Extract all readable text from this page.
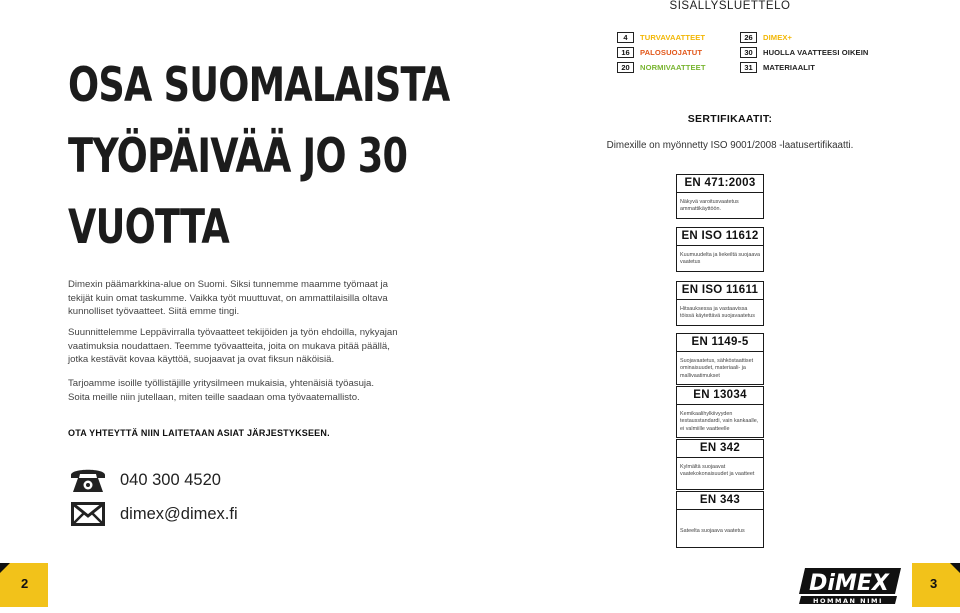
OSA SUOMALAISTA
TYÖPÄIVÄÄ JO 30
VUOTTA

Dimexin päämarkkina-alue on Suomi. Siksi tunnemme maamme työmaat ja tekijät kuin omat taskumme. Vaikka työt muuttuvat, on ammattilaisilla oltava kunnolliset työvaatteet. Siitä emme tingi.

Suunnittelemme Leppävirralla työvaatteet tekijöiden ja työn ehdoilla, nykyajan vaatimuksia noudattaen. Teemme työvaatteita, joita on mukava pitää päällä, jotka kestävät kovaa käyttöä, suojaavat ja ovat fiksun näköisiä.

Tarjoamme isoille työllistäjille yritysilmeen mukaisia, yhtenäisiä työasuja. Soita meille niin jutellaan, miten teille saadaan oma työvaatemallisto.

OTA YHTEYTTÄ NIIN LAITETAAN ASIAT JÄRJESTYKSEEN.
040 300 4520
dimex@dimex.fi
SISÄLLYSLUETTELO
4	TURVAVAATTEET
16	PALOSUOJATUT
20	NORMIVAATTEET
26	DIMEX+
30	HUOLLA VAATTEESI OIKEIN
31	MATERIAALIT
SERTIFIKAATIT:
Dimexille on myönnetty ISO 9001/2008 -laatusertifikaatti.
EN 471:2003
Näkyvä varoitusvaatetus ammattikäyttöön.
EN ISO 11612
Kuumuudelta ja liekeiltä suojaava vaatetus
EN ISO 11611
Hitsauksessa ja vastaavissa töissä käytettävä suojavaatetus
EN 1149-5
Suojavaatetus, sähköstaattiset ominaisuudet, materiaali- ja mallivaatimukset
EN 13034
Kemikaalihylkiivyyden testausstandardi, vain kankaalle, ei valmiille vaatteelle
EN 342
Kylmältä suojaavat vaatekokonaisuudet ja vaatteet
EN 343
Sateelta suojaava vaatetus
2	3
DiMEX
HOMMAN NIMI
